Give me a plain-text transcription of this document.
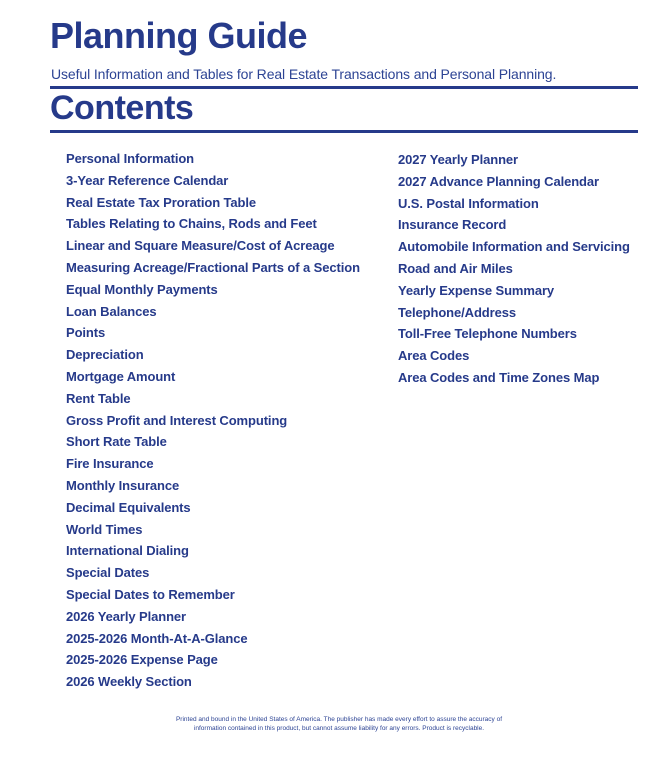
Planning Guide
Useful Information and Tables for Real Estate Transactions and Personal Planning.
Contents
Personal Information
3-Year Reference Calendar
Real Estate Tax Proration Table
Tables Relating to Chains, Rods and Feet
Linear and Square Measure/Cost of Acreage
Measuring Acreage/Fractional Parts of a Section
Equal Monthly Payments
Loan Balances
Points
Depreciation
Mortgage Amount
Rent Table
Gross Profit and Interest Computing
Short Rate Table
Fire Insurance
Monthly Insurance
Decimal Equivalents
World Times
International Dialing
Special Dates
Special Dates to Remember
2026 Yearly Planner
2025-2026 Month-At-A-Glance
2025-2026 Expense Page
2026 Weekly Section
2027 Yearly Planner
2027 Advance Planning Calendar
U.S. Postal Information
Insurance Record
Automobile Information and Servicing
Road and Air Miles
Yearly Expense Summary
Telephone/Address
Toll-Free Telephone Numbers
Area Codes
Area Codes and Time Zones Map
Printed and bound in the United States of America. The publisher has made every effort to assure the accuracy of
information contained in this product, but cannot assume liability for any errors. Product is recyclable.
